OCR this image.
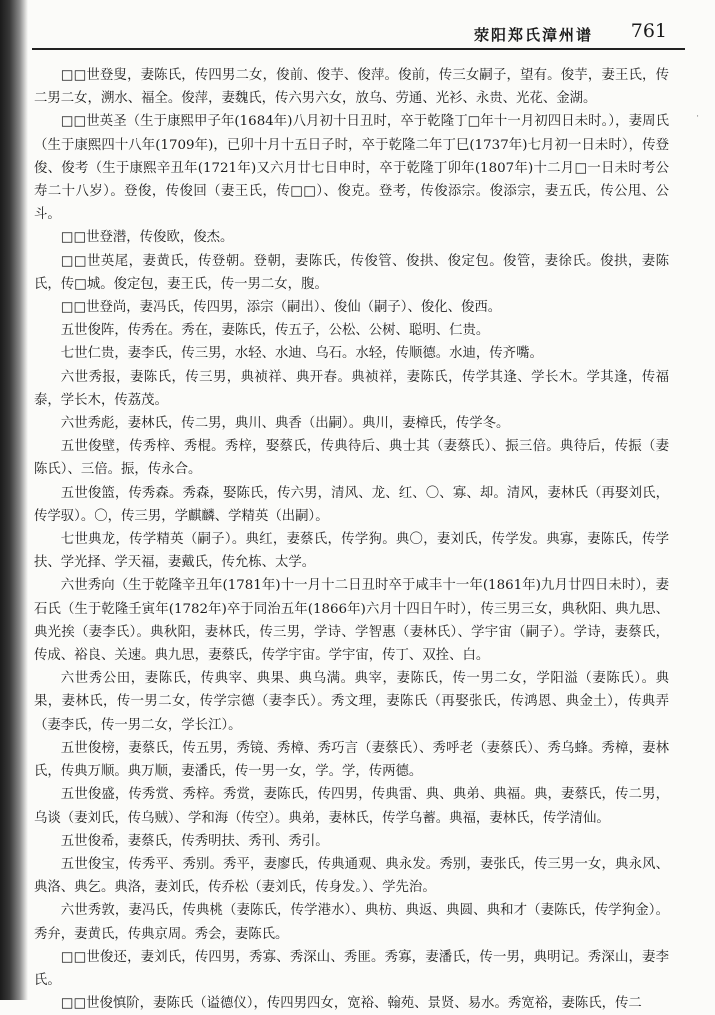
荥阳郑氏漳州谱 761
·

□□世登叟，妻陈氏，传四男二女，俊前、俊芋、俊萍。俊前，传三女嗣子，望有。俊芋，妻王氏，传二男二女，溯水、福全。俊萍，妻魏氏，传六男六女，放乌、劳通、光衫、永贵、光花、金湖。

□□世英圣（生于康熙甲子年(1684年)八月初十日丑时，卒于乾隆丁□年十一月初四日未时。），妻周氏（生于康熙四十八年(1709年)，已卯十月十五日子时，卒于乾隆二年丁巳(1737年)七月初一日未时），传登俊、俊考（生于康熙辛丑年(1721年)又六月廿七日申时，卒于乾隆丁卯年(1807年)十二月□一日未时考公寿二十八岁）。登俊，传俊回（妻王氏，传□□）、俊克。登考，传俊添宗。俊添宗，妻五氏，传公甩、公斗。

□□世登潜，传俊欧，俊杰。

□□世英尾，妻黄氏，传登朝。登朝，妻陈氏，传俊管、俊拱、俊定包。俊管，妻徐氏。俊拱，妻陈氏，传□城。俊定包，妻王氏，传一男二女，腹。

□□世登尚，妻冯氏，传四男，添宗（嗣出）、俊仙（嗣子）、俊化、俊西。

五世俊阵，传秀在。秀在，妻陈氏，传五子，公松、公树、聪明、仁贵。

七世仁贵，妻李氏，传三男，水轻、水迪、乌石。水轻，传顺德。水迪，传齐嘴。

六世秀报，妻陈氏，传三男，典祯祥、典开春。典祯祥，妻陈氏，传学其逢、学长木。学其逢，传福泰，学长木，传荔茂。

六世秀彪，妻林氏，传二男，典川、典香（出嗣）。典川，妻樟氏，传学冬。

五世俊壁，传秀梓、秀棍。秀梓，娶蔡氏，传典待后、典士其（妻蔡氏）、振三倍。典待后，传振（妻陈氏）、三倍。振，传永合。

五世俊篮，传秀森。秀森，娶陈氏，传六男，清风、龙、红、〇、寡、却。清风，妻林氏（再娶刘氏，传学驭）。〇，传三男，学麒麟、学精英（出嗣）。

七世典龙，传学精英（嗣子）。典红，妻蔡氏，传学狗。典〇，妻刘氏，传学发。典寡，妻陈氏，传学扶、学光择、学天福，妻戴氏，传允栋、太学。

六世秀向（生于乾隆辛丑年(1781年)十一月十二日丑时卒于咸丰十一年(1861年)九月廿四日未时），妻石氏（生于乾隆壬寅年(1782年)卒于同治五年(1866年)六月十四日午时），传三男三女，典秋阳、典九思、典光挨（妻李氏）。典秋阳，妻林氏，传三男，学诗、学智惠（妻林氏）、学宇宙（嗣子）。学诗，妻蔡氏，传成、裕良、关速。典九思，妻蔡氏，传学宇宙。学宇宙，传丁、双拴、白。

六世秀公田，妻陈氏，传典宰、典果、典乌满。典宰，妻陈氏，传一男二女，学阳溢（妻陈氏）。典果，妻林氏，传一男二女，传学宗德（妻李氏）。秀文理，妻陈氏（再娶张氏，传鸿恩、典金土），传典弄（妻李氏，传一男二女，学长江）。

五世俊榜，妻蔡氏，传五男，秀镜、秀樟、秀巧言（妻蔡氏）、秀呼老（妻蔡氏）、秀乌蜂。秀樟，妻林氏，传典万顺。典万顺，妻潘氏，传一男一女，学。学，传两德。

五世俊盛，传秀赏、秀梓。秀赏，妻陈氏，传四男，传典雷、典、典弟、典福。典，妻蔡氏，传二男，乌谈（妻刘氏，传乌贼）、学和海（传空）。典弟，妻林氏，传学乌蓄。典福，妻林氏，传学清仙。

五世俊希，妻蔡氏，传秀明扶、秀刊、秀引。

五世俊宝，传秀平、秀别。秀平，妻廖氏，传典通观、典永发。秀别，妻张氏，传三男一女，典永风、典洛、典乞。典洛，妻刘氏，传乔松（妻刘氏，传身发。）、学先治。

六世秀敦，妻冯氏，传典桃（妻陈氏，传学港水）、典枋、典返、典圆、典和才（妻陈氏，传学狗金）。秀弁，妻黄氏，传典京周。秀会，妻陈氏。

□□世俊还，妻刘氏，传四男，秀寡、秀深山、秀匪。秀寡，妻潘氏，传一男，典明记。秀深山，妻李氏。

□□世俊慎阶，妻陈氏（谥德仪），传四男四女，宽裕、翰苑、景贤、易水。秀宽裕，妻陈氏，传二
